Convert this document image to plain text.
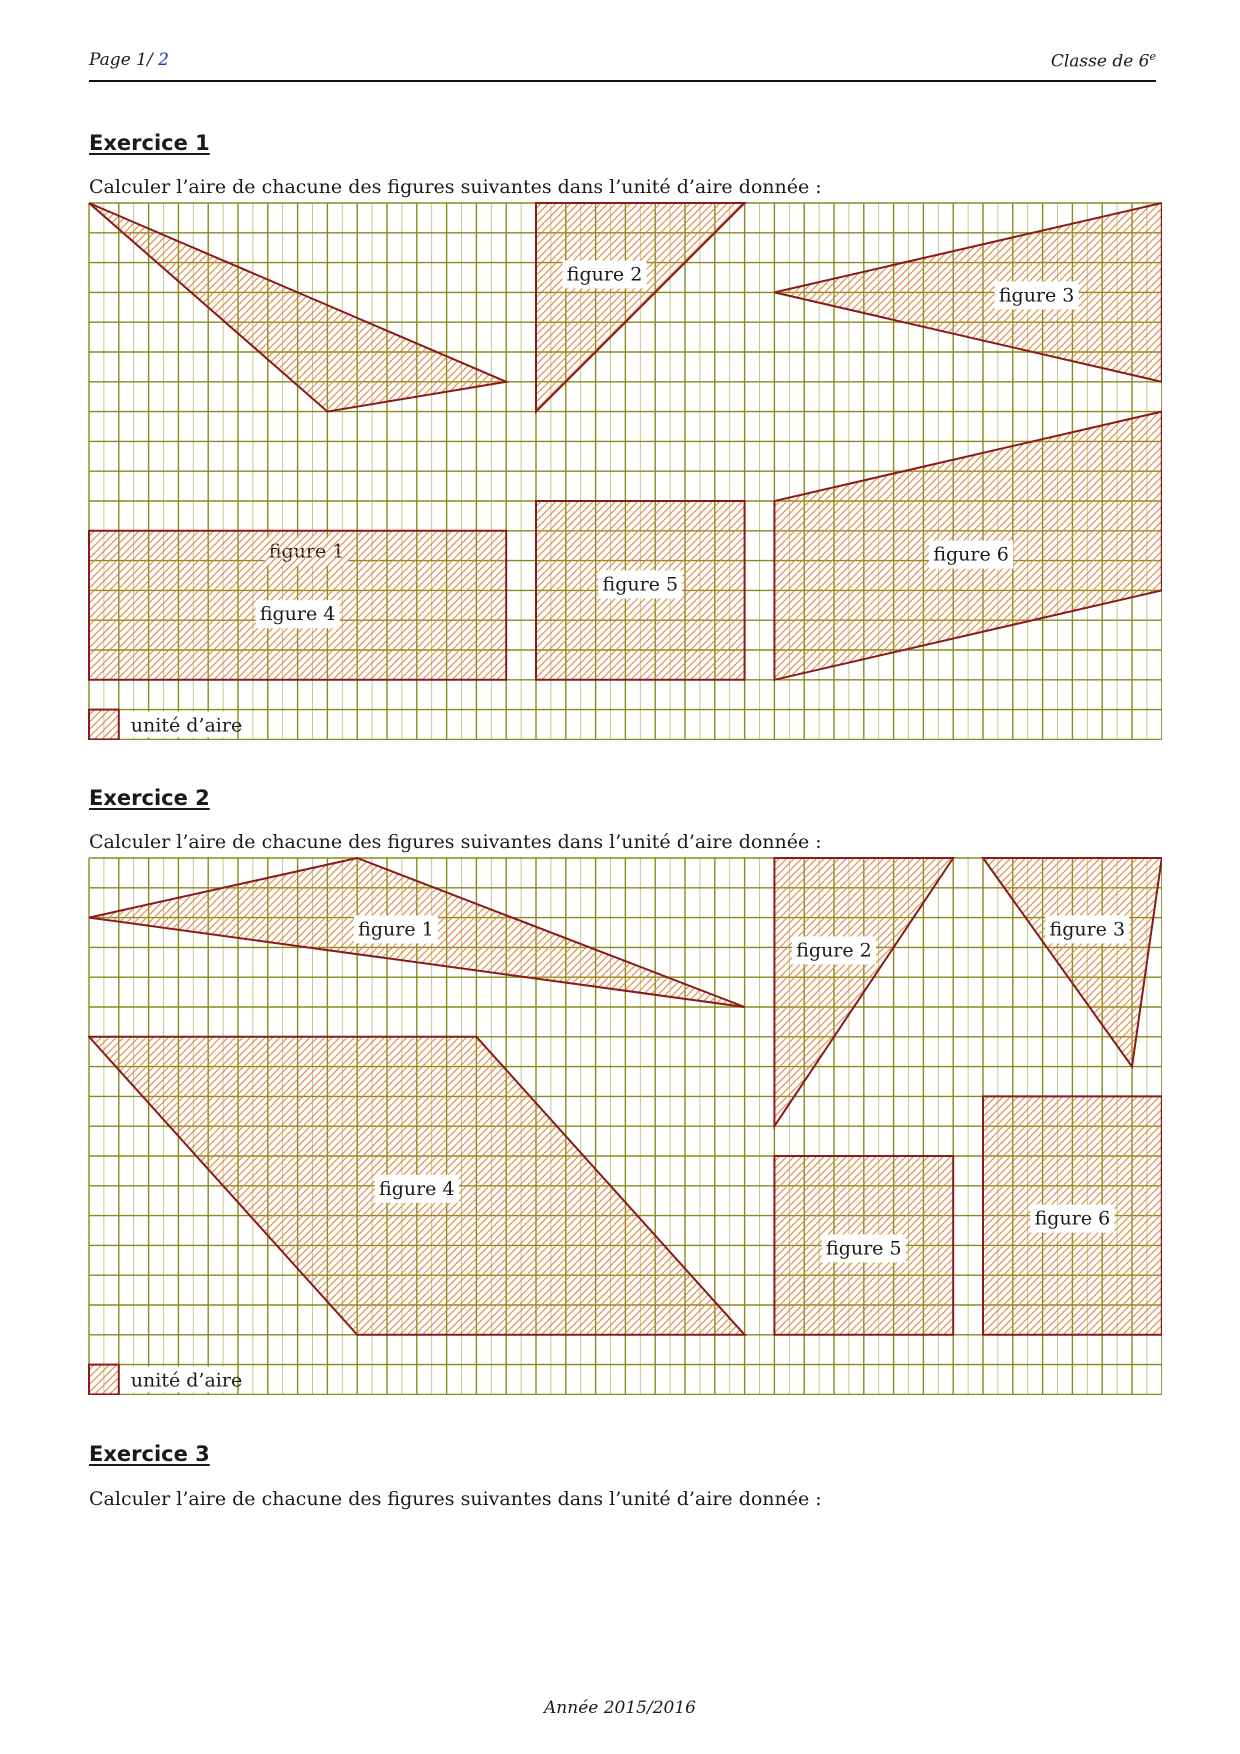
Page 1/ 2	Classe de 6e
Exercice 1
Calculer l’aire de chacune des figures suivantes dans l’unité d’aire donnée :
figure 2
figure 3
figure 4
figure 5
figure 6
unité d’aire
Exercice 2
Calculer l’aire de chacune des figures suivantes dans l’unité d’aire donnée :
figure 1
figure 2
figure 3
figure 4
figure 5
figure 6
unité d’aire
Exercice 3
Calculer l’aire de chacune des figures suivantes dans l’unité d’aire donnée :
Année 2015/2016
